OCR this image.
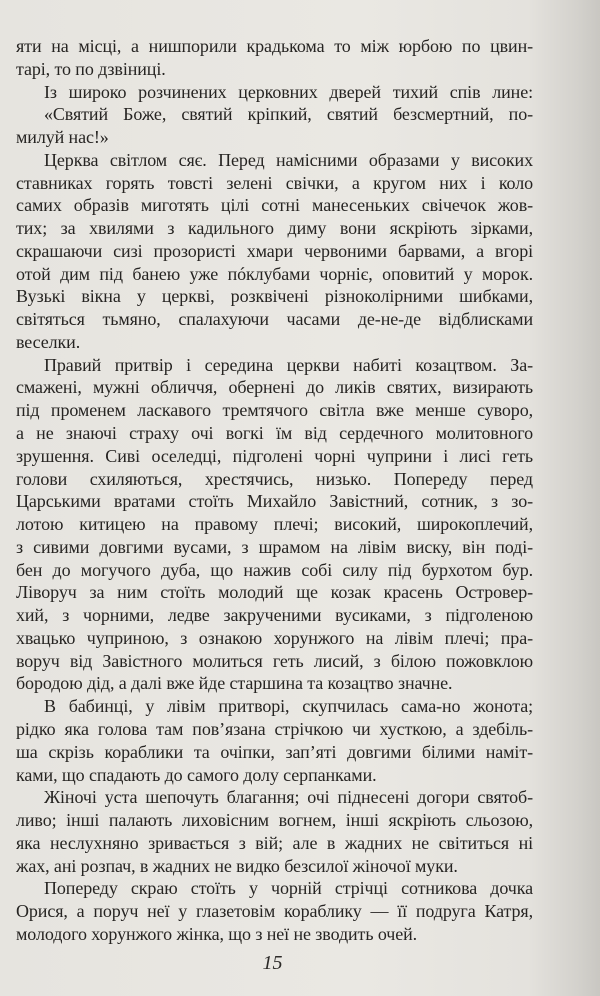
яти на місці, а нишпорили крадькома то між юрбою по цвин-
тарі, то по дзвіниці.
Із широко розчинених церковних дверей тихий спів лине:
«Святий Боже, святий кріпкий, святий безсмертний, по-
милуй нас!»
Церква світлом сяє. Перед намісними образами у високих
ставниках горять товсті зелені свічки, а кругом них і коло
самих образів миготять цілі сотні манесеньких свічечок жов-
тих; за хвилями з кадильного диму вони яскріють зірками,
скрашаючи сизі прозористі хмари червоними барвами, а вгорі
отой дим під банею уже пóклубами чорніє, оповитий у морок.
Вузькі вікна у церкві, розквічені різноколірними шибками,
світяться тьмяно, спалахуючи часами де-не-де відблисками
веселки.
Правий притвір і середина церкви набиті козацтвом. За-
смажені, мужні обличчя, обернені до ликів святих, визирають
під променем ласкавого тремтячого світла вже менше суворо,
а не знаючі страху очі вогкі їм від сердечного молитовного
зрушення. Сиві оселедці, підголені чорні чуприни і лисі геть
голови схиляються, хрестячись, низько. Попереду перед
Царськими вратами стоїть Михайло Завістний, сотник, з зо-
лотою китицею на правому плечі; високий, широкоплечий,
з сивими довгими вусами, з шрамом на лівім виску, він поді-
бен до могучого дуба, що нажив собі силу під бурхотом бур.
Ліворуч за ним стоїть молодий ще козак красень Островер-
хий, з чорними, ледве закрученими вусиками, з підголеною
хвацько чуприною, з ознакою хорунжого на лівім плечі; пра-
воруч від Завістного молиться геть лисий, з білою пожовклою
бородою дід, а далі вже йде старшина та козацтво значне.
В бабинці, у лівім притворі, скупчилась сама-но жонота;
рідко яка голова там пов’язана стрічкою чи хусткою, а здебіль-
ша скрізь кораблики та очіпки, зап’яті довгими білими наміт-
ками, що спадають до самого долу серпанками.
Жіночі уста шепочуть благання; очі піднесені догори святоб-
ливо; інші палають лиховісним вогнем, інші яскріють сльозою,
яка неслухняно зривається з вій; але в жадних не світиться ні
жах, ані розпач, в жадних не видко безсилої жіночої муки.
Попереду скраю стоїть у чорній стрічці сотникова дочка
Орися, а поруч неї у глазетовім кораблику — її подруга Катря,
молодого хорунжого жінка, що з неї не зводить очей.
15
